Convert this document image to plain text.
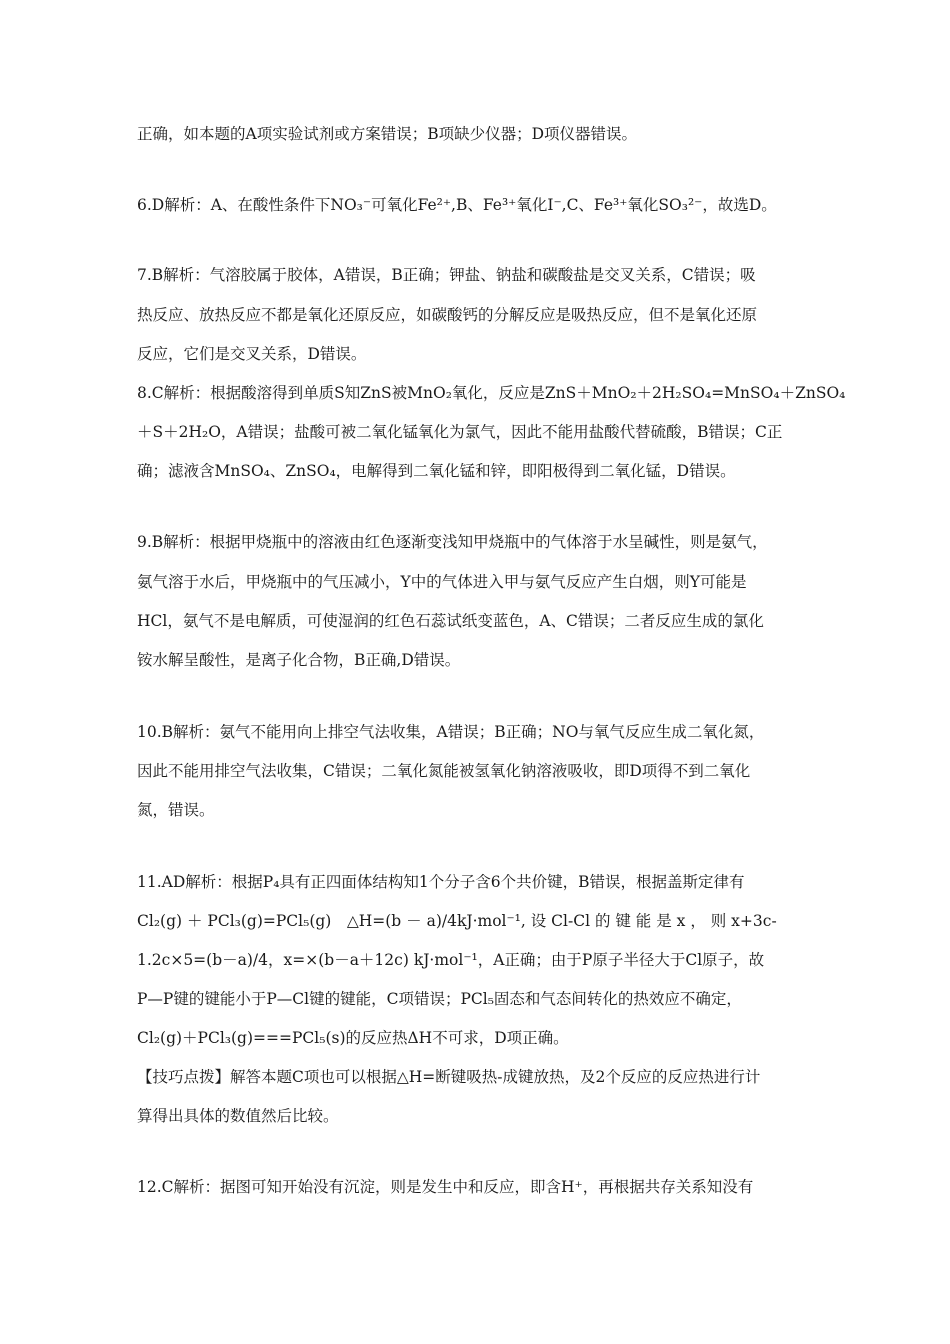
正确，如本题的A项实验试剂或方案错误；B项缺少仪器；D项仪器错误。
6.D解析：A、在酸性条件下NO₃⁻可氧化Fe²⁺,B、Fe³⁺氧化I⁻,C、Fe³⁺氧化SO₃²⁻，故选D。
7.B解析：气溶胶属于胶体，A错误，B正确；钾盐、钠盐和碳酸盐是交叉关系，C错误；吸
热反应、放热反应不都是氧化还原反应，如碳酸钙的分解反应是吸热反应，但不是氧化还原
反应，它们是交叉关系，D错误。
8.C解析：根据酸溶得到单质S知ZnS被MnO₂氧化，反应是ZnS＋MnO₂＋2H₂SO₄=MnSO₄＋ZnSO₄
＋S＋2H₂O，A错误；盐酸可被二氧化锰氧化为氯气，因此不能用盐酸代替硫酸，B错误；C正
确；滤液含MnSO₄、ZnSO₄，电解得到二氧化锰和锌，即阳极得到二氧化锰，D错误。
9.B解析：根据甲烧瓶中的溶液由红色逐渐变浅知甲烧瓶中的气体溶于水呈碱性，则是氨气，
氨气溶于水后，甲烧瓶中的气压减小，Y中的气体进入甲与氨气反应产生白烟，则Y可能是
HCl，氨气不是电解质，可使湿润的红色石蕊试纸变蓝色，A、C错误；二者反应生成的氯化
铵水解呈酸性，是离子化合物，B正确,D错误。
10.B解析：氨气不能用向上排空气法收集，A错误；B正确；NO与氧气反应生成二氧化氮，
因此不能用排空气法收集，C错误；二氧化氮能被氢氧化钠溶液吸收，即D项得不到二氧化
氮，错误。
11.AD解析：根据P₄具有正四面体结构知1个分子含6个共价键，B错误，根据盖斯定律有
Cl₂(g) ＋ PCl₃(g)=PCl₅(g)　△H=(b － a)/4kJ·mol⁻¹, 设 Cl-Cl 的 键 能 是 x ， 则 x+3c-
1.2c×5=(b－a)/4，x=×(b－a＋12c) kJ·mol⁻¹，A正确；由于P原子半径大于Cl原子，故
P—P键的键能小于P—Cl键的键能，C项错误；PCl₅固态和气态间转化的热效应不确定，
Cl₂(g)＋PCl₃(g)===PCl₅(s)的反应热ΔH不可求，D项正确。
【技巧点拨】解答本题C项也可以根据△H=断键吸热-成键放热，及2个反应的反应热进行计
算得出具体的数值然后比较。
12.C解析：据图可知开始没有沉淀，则是发生中和反应，即含H⁺，再根据共存关系知没有
